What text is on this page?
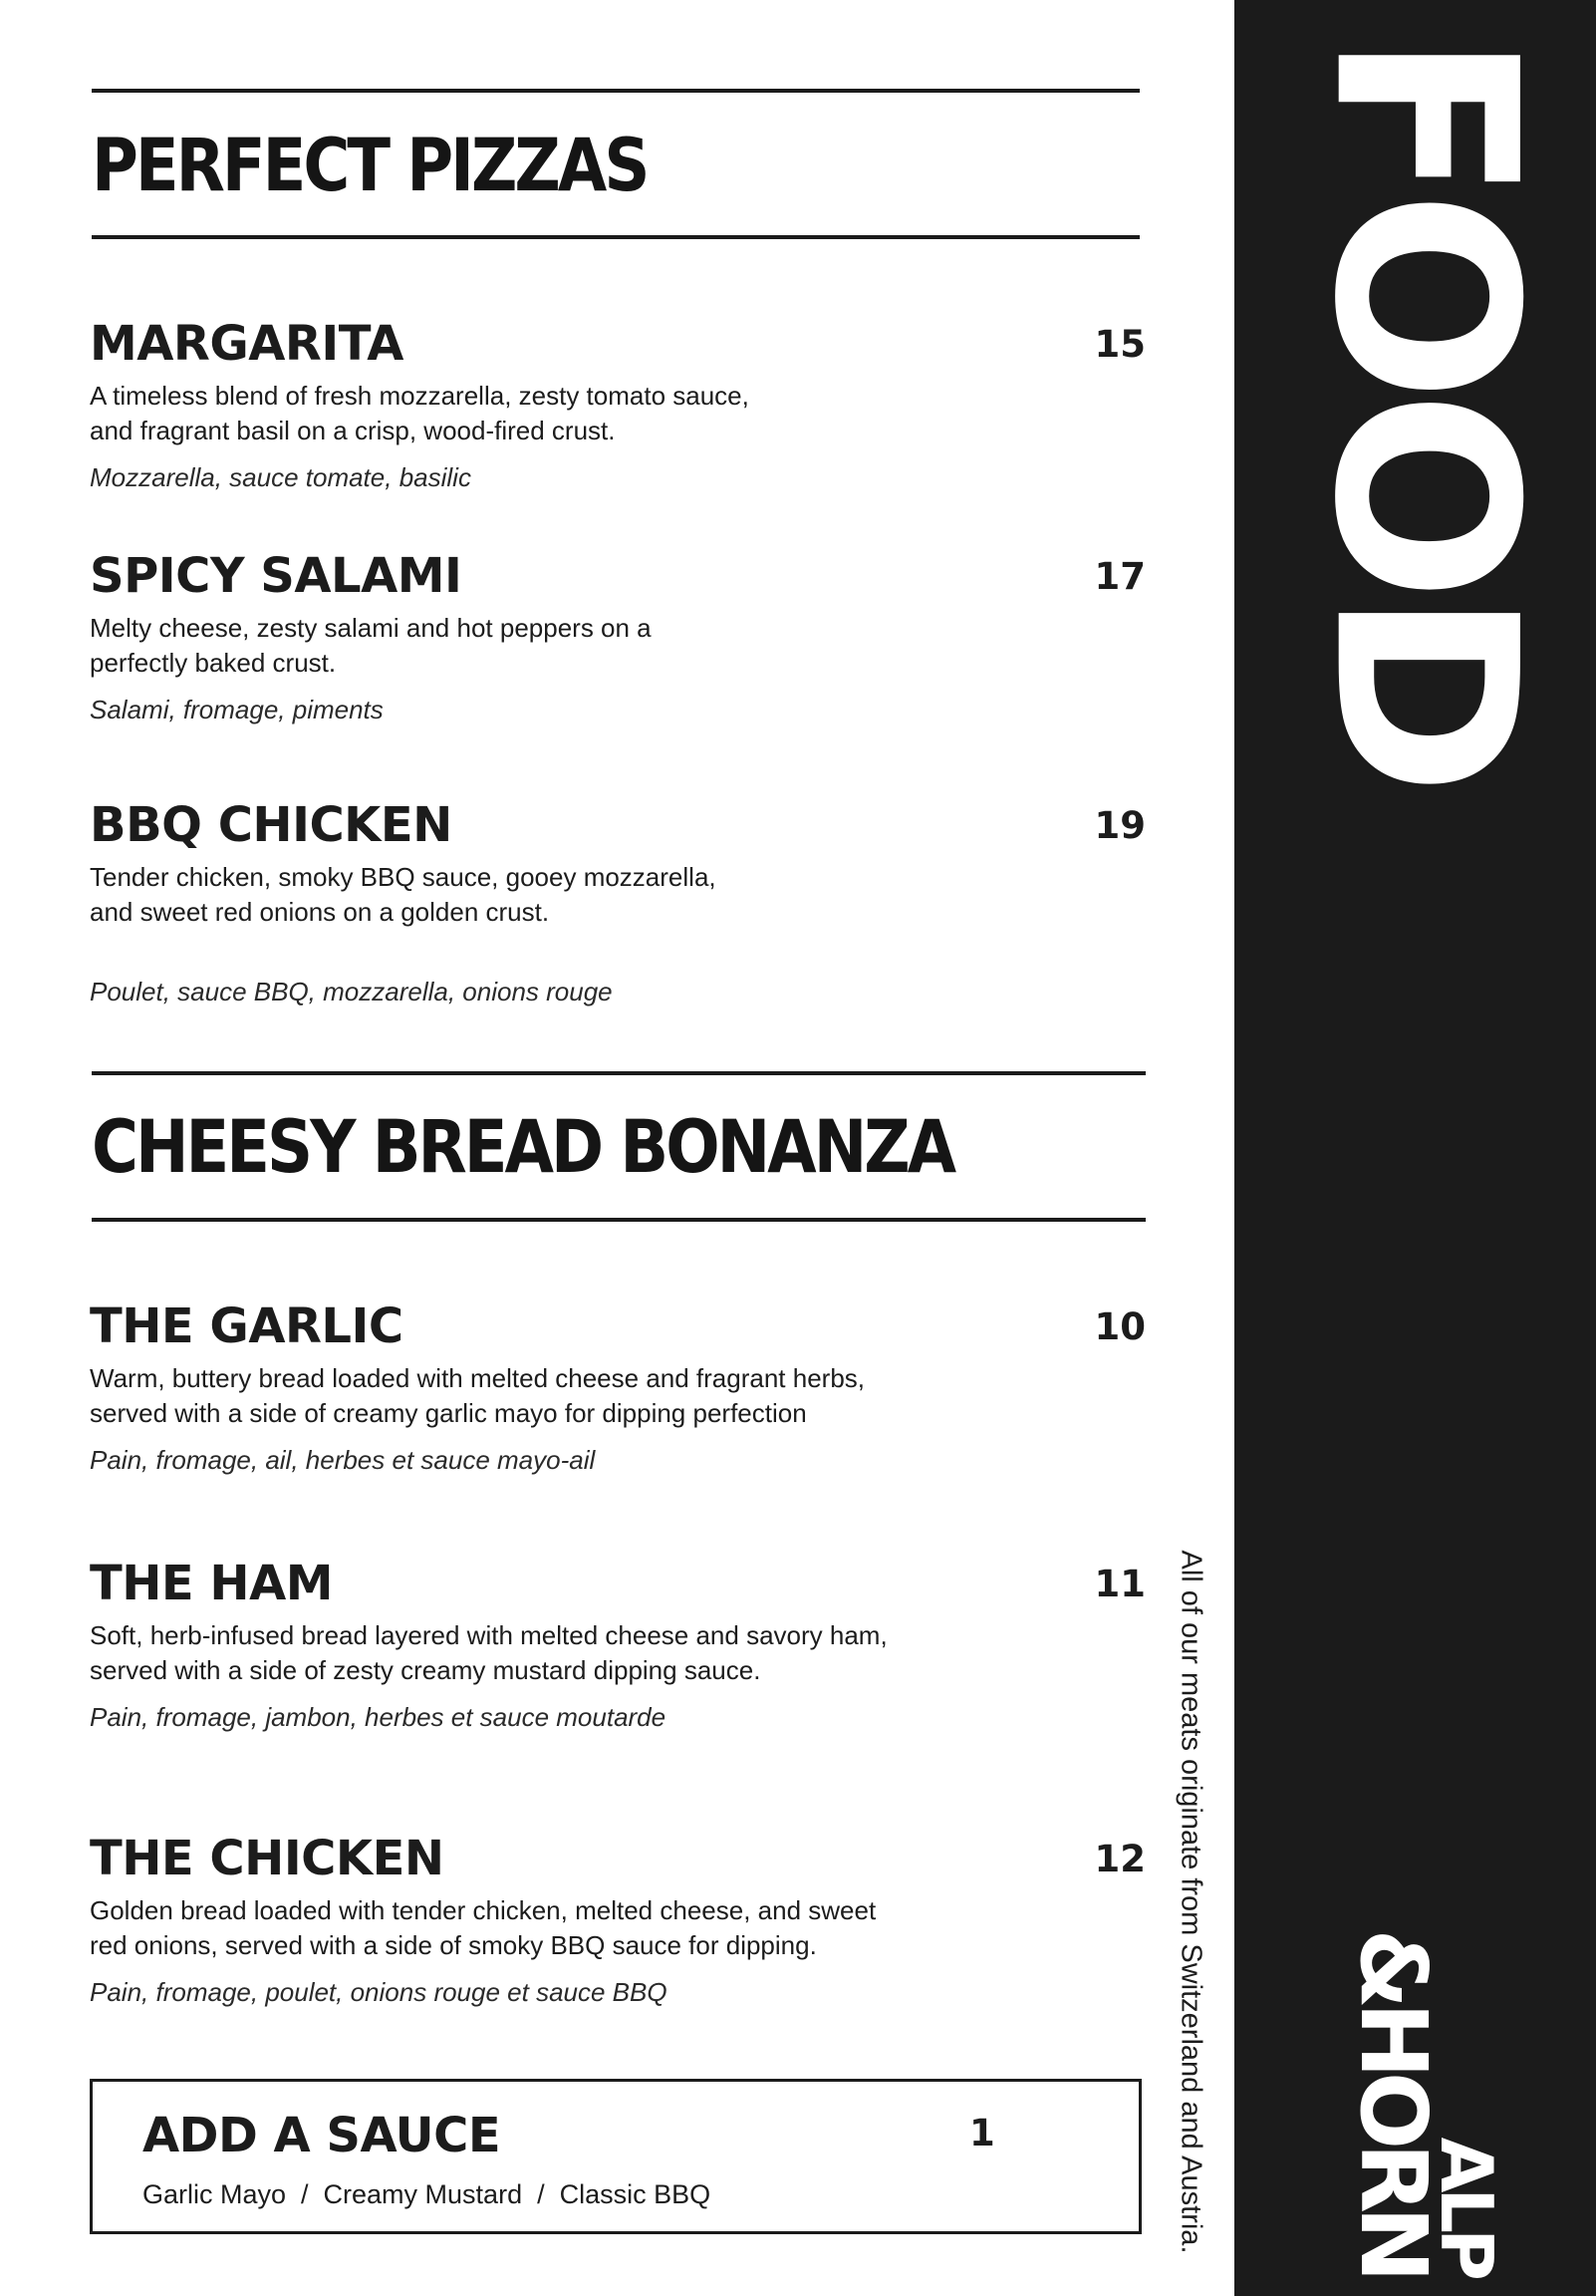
FOOD
ALP
&HORN
All of our meats originate from Switzerland and Austria.
PERFECT PIZZAS
MARGARITA	15

A timeless blend of fresh mozzarella, zesty tomato sauce,
and fragrant basil on a crisp, wood-fired crust.

Mozzarella, sauce tomate, basilic

SPICY SALAMI	17

Melty cheese, zesty salami and hot peppers on a
perfectly baked crust.

Salami, fromage, piments

BBQ CHICKEN	19

Tender chicken, smoky BBQ sauce, gooey mozzarella,
and sweet red onions on a golden crust.

Poulet, sauce BBQ, mozzarella, onions rouge

CHEESY BREAD BONANZA
THE GARLIC	10

Warm, buttery bread loaded with melted cheese and fragrant herbs,
served with a side of creamy garlic mayo for dipping perfection

Pain, fromage, ail, herbes et sauce mayo-ail

THE HAM	11

Soft, herb-infused bread layered with melted cheese and savory ham,
served with a side of zesty creamy mustard dipping sauce.

Pain, fromage, jambon, herbes et sauce moutarde

THE CHICKEN	12

Golden bread loaded with tender chicken, melted cheese, and sweet
red onions, served with a side of smoky BBQ sauce for dipping.

Pain, fromage, poulet, onions rouge et sauce BBQ

ADD A SAUCE	1
Garlic Mayo  /  Creamy Mustard  /  Classic BBQ
